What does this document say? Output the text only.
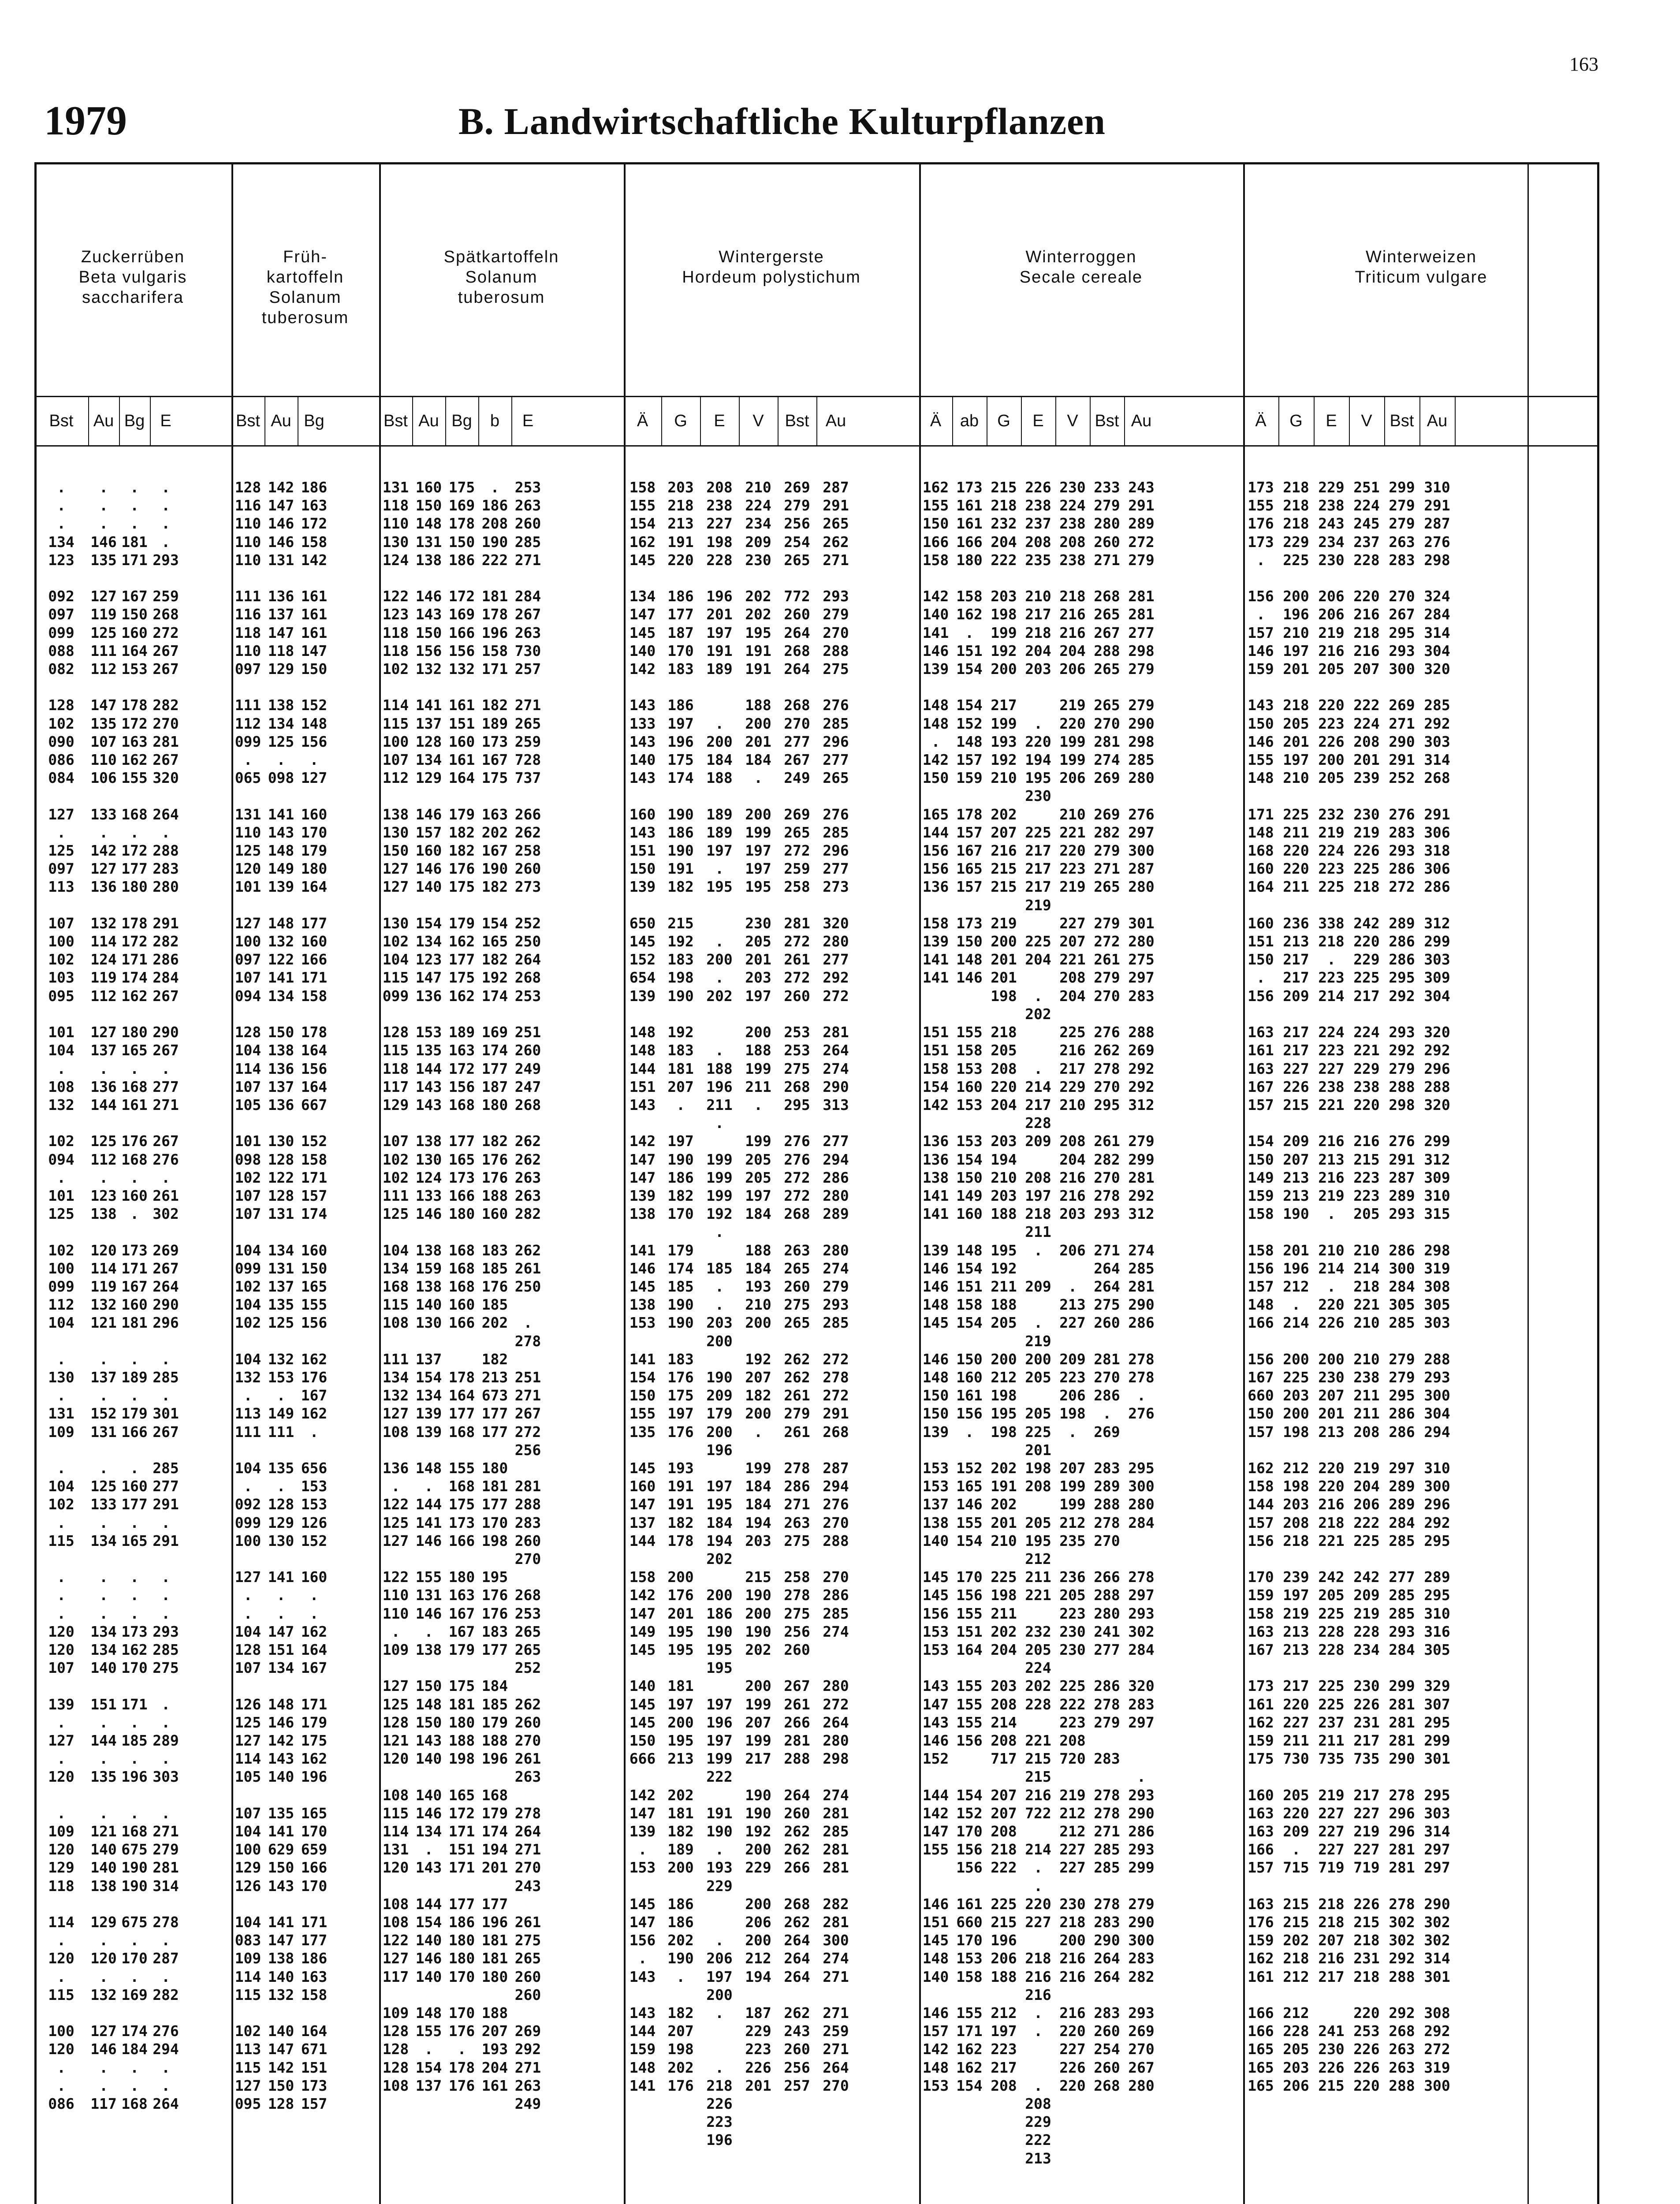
163
1979	B. Landwirtschaftliche Kulturpflanzen
Zuckerrüben
Beta vulgaris
saccharifera
Früh-
kartoffeln
Solanum
tuberosum
Spätkartoffeln
Solanum
tuberosum
Wintergerste
Hordeum polystichum
Winterroggen
Secale cereale
Winterweizen
Triticum vulgare
Bst
.
.
.
134
123

092
097
099
088
082

128
102
090
086
084

127
.
125
097
113

107
100
102
103
095

101
104
.
108
132

102
094
.
101
125

102
100
099
112
104

.
130
.
131
109

.
104
102
.
115

.
.
.
120
120
107

139
.
127
.
120

.
109
120
129
118

114
.
120
.
115

100
120
.
.
086
Au
.
.
.
146
135

127
119
125
111
112

147
135
107
110
106

133
.
142
127
136

132
114
124
119
112

127
137
.
136
144

125
112
.
123
138

120
114
119
132
121

.
137
.
152
131

.
125
133
.
134

.
.
.
134
134
140

151
.
144
.
135

.
121
140
140
138

129
.
120
.
132

127
146
.
.
117
Bg
.
.
.
181
171

167
150
160
164
153

178
172
163
162
155

168
.
172
177
180

178
172
171
174
162

180
165
.
168
161

176
168
.
160
.

173
171
167
160
181

.
189
.
179
166

.
160
177
.
165

.
.
.
173
162
170

171
.
185
.
196

.
168
675
190
190

675
.
170
.
169

174
184
.
.
168
E
.
.
.
.
293

259
268
272
267
267

282
270
281
267
320

264
.
288
283
280

291
282
286
284
267

290
267
.
277
271

267
276
.
261
302

269
267
264
290
296

.
285
.
301
267

285
277
291
.
291

.
.
.
293
285
275

.
.
289
.
303

.
271
279
281
314

278
.
287
.
282

276
294
.
.
264
Bst
128
116
110
110
110

111
116
118
110
097

111
112
099
.
065

131
110
125
120
101

127
100
097
107
094

128
104
114
107
105

101
098
102
107
107

104
099
102
104
102

104
132
.
113
111

104
.
092
099
100

127
.
.
104
128
107

126
125
127
114
105

107
104
100
129
126

104
083
109
114
115

102
113
115
127
095
Au
142
147
146
146
131

136
137
147
118
129

138
134
125
.
098

141
143
148
149
139

148
132
122
141
134

150
138
136
137
136

130
128
122
128
131

134
131
137
135
125

132
153
.
149
111

135
.
128
129
130

141
.
.
147
151
134

148
146
142
143
140

135
141
629
150
143

141
147
138
140
132

140
147
142
150
128
Bg
186
163
172
158
142

161
161
161
147
150

152
148
156
.
127

160
170
179
180
164

177
160
166
171
158

178
164
156
164
667

152
158
171
157
174

160
150
165
155
156

162
176
167
162
.

656
153
153
126
152

160
.
.
162
164
167

171
179
175
162
196

165
170
659
166
170

171
177
186
163
158

164
671
151
173
157
Bst
131
118
110
130
124

122
123
118
118
102

114
115
100
107
112

138
130
150
127
127

130
102
104
115
099

128
115
118
117
129

107
102
102
111
125

104
134
168
115
108

111
134
132
127
108

136
.
122
125
127

122
110
110
.
109

127
125
128
121
120

108
115
114
131
120

108
108
122
127
117

109
128
128
128
108
Au
160
150
148
131
138

146
143
150
156
132

141
137
128
134
129

146
157
160
146
140

154
134
123
147
136

153
135
144
143
143

138
130
124
133
146

138
159
138
140
130

137
154
134
139
139

148
.
144
141
146

155
131
146
.
138

150
148
150
143
140

140
146
134
.
143

144
154
140
146
140

148
155
.
154
137
Bg
175
169
178
150
186

172
169
166
156
132

161
151
160
161
164

179
182
182
176
175

179
162
177
175
162

189
163
172
156
168

177
165
173
166
180

168
168
168
160
166

178
164
177
168

155
168
175
173
166

180
163
167
167
179

175
181
180
188
198

165
172
171
151
171

177
186
180
180
170

170
176
.
178
176
b
.
186
208
190
222

181
178
196
158
171

182
189
173
167
175

163
202
167
190
182

154
165
182
192
174

169
174
177
187
180

182
176
176
188
160

183
185
176
185
202

182
213
673
177
177

180
181
177
170
198

195
176
176
183
177

184
185
179
188
196

168
179
174
194
201

177
196
181
181
180

188
207
193
204
161
E
253
263
260
285
271

284
267
263
730
257

271
265
259
728
737

266
262
258
260
273

252
250
264
268
253

251
260
249
247
268

262
262
263
263
282

262
261
250

.
278

251
271
267
272
256

281
288
283
260
270

268
253
265
265
252

262
260
270
261
263

278
264
271
270
243

261
275
265
260
260

269
292
271
263
249
Ä
158
155
154
162
145

134
147
145
140
142

143
133
143
140
143

160
143
151
150
139

650
145
152
654
139

148
148
144
151
143

142
147
147
139
138

141
146
145
138
153

141
154
150
155
135

145
160
147
137
144

158
142
147
149
145

140
145
145
150
666

142
147
139
.
153

145
147
156
.
143

143
144
159
148
141
G
203
218
213
191
220

186
177
187
170
183

186
197
196
175
174

190
186
190
191
182

215
192
183
198
190

192
183
181
207
.

197
190
186
182
170

179
174
185
190
190

183
176
175
197
176

193
191
191
182
178

200
176
201
195
195

181
197
200
195
213

202
181
182
189
200

186
186
202
190
.

182
207
198
202
176
E
208
238
227
198
228

196
201
197
191
189

.
200
184
188

189
189
197
.
195

.
200
.
202

.
188
196
211
.

199
199
199
192
.

185
.
.
203
200

190
209
179
200
196

197
195
184
194
202

200
186
190
195
195

197
196
197
199
222

191
190
.
193
229

.
206
197
200
.

.
218
226
223
196
V
210
224
234
209
230

202
202
195
191
191

188
200
201
184
.

200
199
197
197
195

230
205
201
203
197

200
188
199
211
.

199
205
205
197
184

188
184
193
210
200

192
207
182
200
.

199
184
184
194
203

215
190
200
190
202

200
199
207
199
217

190
190
192
200
229

200
206
200
212
194

187
229
223
226
201
Bst
269
279
256
254
265

772
260
264
268
264

268
270
277
267
249

269
265
272
259
258

281
272
261
272
260

253
253
275
268
295

276
276
272
272
268

263
265
260
275
265

262
262
261
279
261

278
286
271
263
275

258
278
275
256
260

267
261
266
281
288

264
260
262
262
266

268
262
264
264
264

262
243
260
256
257
Au
287
291
265
262
271

293
279
270
288
275

276
285
296
277
265

276
285
296
277
273

320
280
277
292
272

281
264
274
290
313

277
294
286
280
289

280
274
279
293
285

272
278
272
291
268

287
294
276
270
288

270
286
285
274

280
272
264
280
298

274
281
285
281
281

282
281
300
274
271

271
259
271
264
270
Ä
162
155
150
166
158

142
140
141
146
139

148
148
.
142
150

165
144
156
156
136

158
139
141
141

151
151
158
154
142

136
136
138
141
141

139
146
146
148
145

146
148
150
150
139

153
153
137
138
140

145
145
156
153
153

143
147
143
146
152

144
142
147
155

146
151
145
148
140

146
157
142
148
153
ab
173
161
161
166
180

158
162
.
151
154

154
152
148
157
159

178
157
167
165
157

173
150
148
146

155
158
153
160
153

153
154
150
149
160

148
154
151
158
154

150
160
161
156
.

152
165
146
155
154

170
156
155
151
164

155
155
155
156

154
152
170
156
156

161
660
170
153
158

155
171
162
162
154
G
215
218
232
204
222

203
198
199
192
200

217
199
193
192
210

202
207
216
215
215

219
200
201
201
198

218
205
208
220
204

203
194
210
203
188

195
192
211
188
205

200
212
198
195
198

202
191
202
201
210

225
198
211
202
204

203
208
214
208
717

207
207
208
218
222

225
215
196
206
188

212
197
223
217
208
E
226
238
237
208
235

210
217
218
204
203

.
220
194
195
230

225
217
217
217
219

225
204

.
202

.
214
217
228
209

208
197
218
211
.

209

.
219
200
205

205
225
201
198
208

205
195
212
211
221

232
205
224
202
228

221
215
215
216
722

214
.
.
220
227

218
216
216
.
.

.
208
229
222
213
V
230
224
238
208
238

218
216
216
204
206

219
220
199
199
206

210
221
220
223
219

227
207
221
208
204

225
216
217
229
210

208
204
216
216
203

206

.
213
227

209
223
206
198
.

207
199
199
212
235

236
205
223
230
230

225
222
223
208
720

219
212
212
227
227

230
218
200
216
216

216
220
227
226
220
Bst
233
279
280
260
271

268
265
267
288
265

265
270
281
274
269

269
282
279
271
265

279
272
261
279
270

276
262
278
270
295

261
282
270
278
293

271
264
264
275
260

281
270
286
.
269

283
289
288
278
270

266
288
280
241
277

286
278
279

283

278
278
271
285
285

278
283
290
264
264

283
260
254
260
268
Au
243
291
289
272
279

281
281
277
298
279

279
290
298
285
280

276
297
300
287
280

301
280
275
297
283

288
269
292
292
312

279
299
281
292
312

274
285
281
290
286

278
278
.
276

295
300
280
284

278
297
293
302
284

320
283
297

.
293
290
286
293
299

279
290
300
283
282

293
269
270
267
280
Ä
173
155
176
173
.

156
.
157
146
159

143
150
146
155
148

171
148
168
160
164

160
151
150
.
156

163
161
163
167
157

154
150
149
159
158

158
156
157
148
166

156
167
660
150
157

162
158
144
157
156

170
159
158
163
167

173
161
162
159
175

160
163
163
166
157

163
176
159
162
161

166
166
165
165
165
G
218
218
218
229
225

200
196
210
197
201

218
205
201
197
210

225
211
220
220
211

236
213
217
217
209

217
217
227
226
215

209
207
213
213
190

201
196
212
.
214

200
225
203
200
198

212
198
203
208
218

239
197
219
213
213

217
220
227
211
730

205
220
209
.
715

215
215
202
218
212

212
228
205
203
206
E
229
238
243
234
230

206
206
219
216
205

220
223
226
200
205

232
219
224
223
225

338
218
.
223
214

224
223
227
238
221

216
213
216
219
.

210
214
.
220
226

200
230
207
201
213

220
220
216
218
221

242
205
225
228
228

225
225
237
211
735

219
227
227
227
719

218
218
207
216
217

241
230
226
215
V
251
224
245
237
228

220
216
218
216
207

222
224
208
201
239

230
219
226
225
218

242
220
229
225
217

224
221
229
238
220

216
215
223
223
205

210
214
218
221
210

210
238
211
211
208

219
204
206
222
225

242
209
219
228
234

230
226
231
217
735

217
227
219
227
719

226
215
218
231
218

220
253
226
226
220
Bst
299
279
279
263
283

270
267
295
293
300

269
271
290
291
252

276
283
293
286
272

289
286
286
295
292

293
292
279
288
298

276
291
287
289
293

286
300
284
305
285

279
279
295
286
286

297
289
289
284
285

277
285
285
293
284

299
281
281
281
290

278
296
296
281
281

278
302
302
292
288

292
268
263
263
288
Au
310
291
287
276
298

324
284
314
304
320

285
292
303
314
268

291
306
318
306
286

312
299
303
309
304

320
292
296
288
320

299
312
309
310
315

298
319
308
305
303

288
293
300
304
294

310
300
296
292
295

289
295
310
316
305

329
307
295
299
301

295
303
314
297
297

290
302
302
314
301

308
292
272
319
300
